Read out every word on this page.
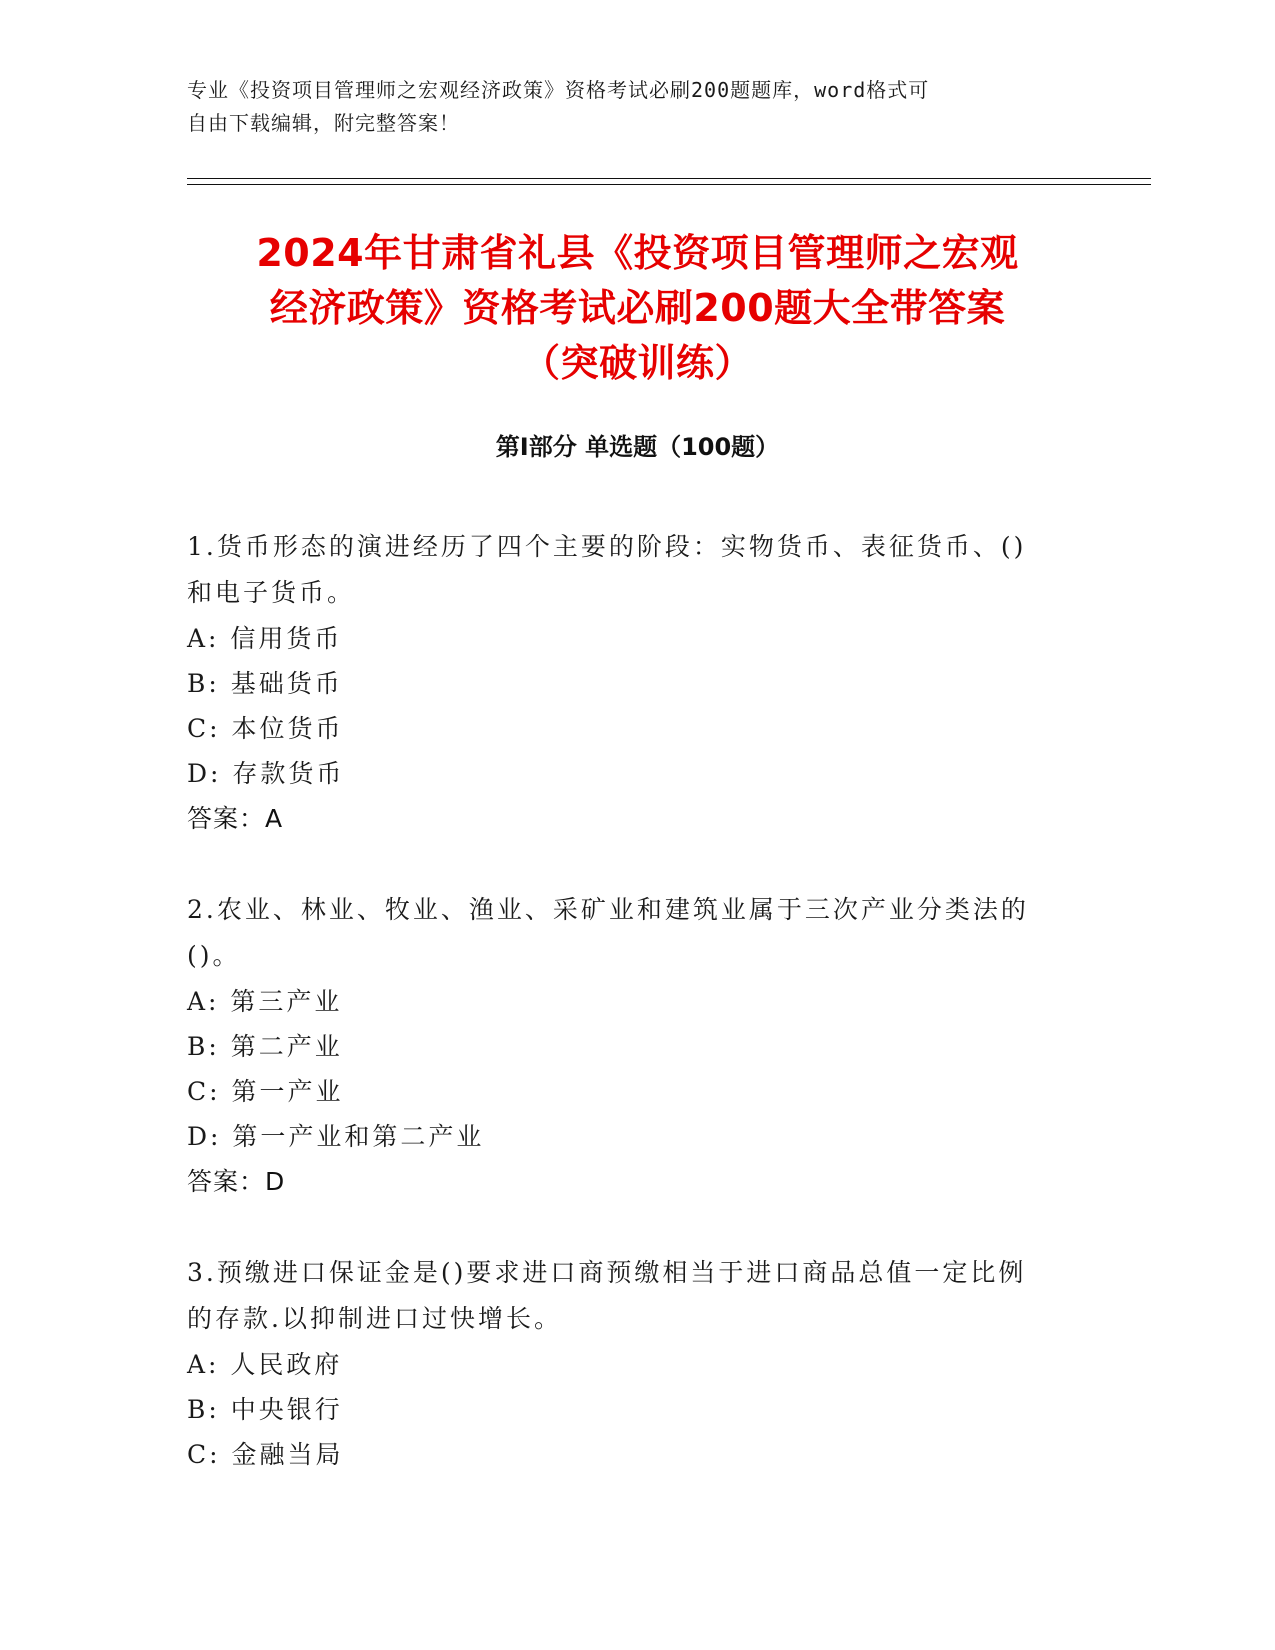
专业《投资项目管理师之宏观经济政策》资格考试必刷200题题库，word格式可
自由下载编辑，附完整答案！
2024年甘肃省礼县《投资项目管理师之宏观
经济政策》资格考试必刷200题大全带答案
（突破训练）
第Ⅰ部分 单选题（100题）

1.货币形态的演进经历了四个主要的阶段：实物货币、表征货币、()

和电子货币。

A: 信用货币

B: 基础货币

C: 本位货币

D: 存款货币

答案：A

2.农业、林业、牧业、渔业、采矿业和建筑业属于三次产业分类法的

()。

A: 第三产业

B: 第二产业

C: 第一产业

D: 第一产业和第二产业

答案：D

3.预缴进口保证金是()要求进口商预缴相当于进口商品总值一定比例

的存款.以抑制进口过快增长。

A: 人民政府

B: 中央银行

C: 金融当局
